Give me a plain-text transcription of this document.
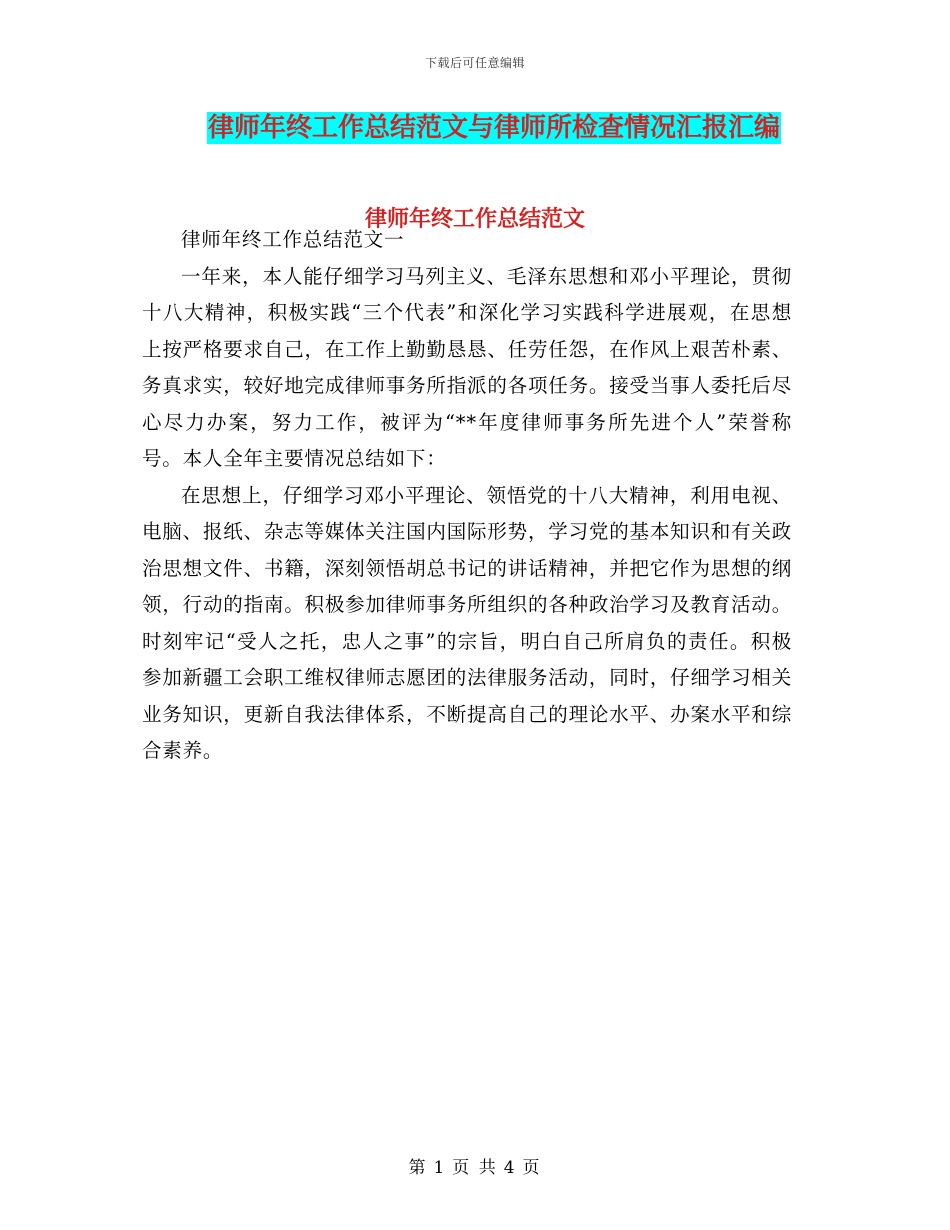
下载后可任意编辑
律师年终工作总结范文与律师所检查情况汇报汇编
律师年终工作总结范文

律师年终工作总结范文一

一年来，本人能仔细学习马列主义、毛泽东思想和邓小平理论，贯彻十八大精神，积极实践“三个代表”和深化学习实践科学进展观，在思想上按严格要求自己，在工作上勤勤恳恳、任劳任怨，在作风上艰苦朴素、务真求实，较好地完成律师事务所指派的各项任务。接受当事人委托后尽心尽力办案，努力工作，被评为“**年度律师事务所先进个人”荣誉称号。本人全年主要情况总结如下：

在思想上，仔细学习邓小平理论、领悟党的十八大精神，利用电视、电脑、报纸、杂志等媒体关注国内国际形势，学习党的基本知识和有关政治思想文件、书籍，深刻领悟胡总书记的讲话精神，并把它作为思想的纲领，行动的指南。积极参加律师事务所组织的各种政治学习及教育活动。时刻牢记“受人之托，忠人之事”的宗旨，明白自己所肩负的责任。积极参加新疆工会职工维权律师志愿团的法律服务活动，同时，仔细学习相关业务知识，更新自我法律体系，不断提高自己的理论水平、办案水平和综合素养。

第 1 页 共 4 页
